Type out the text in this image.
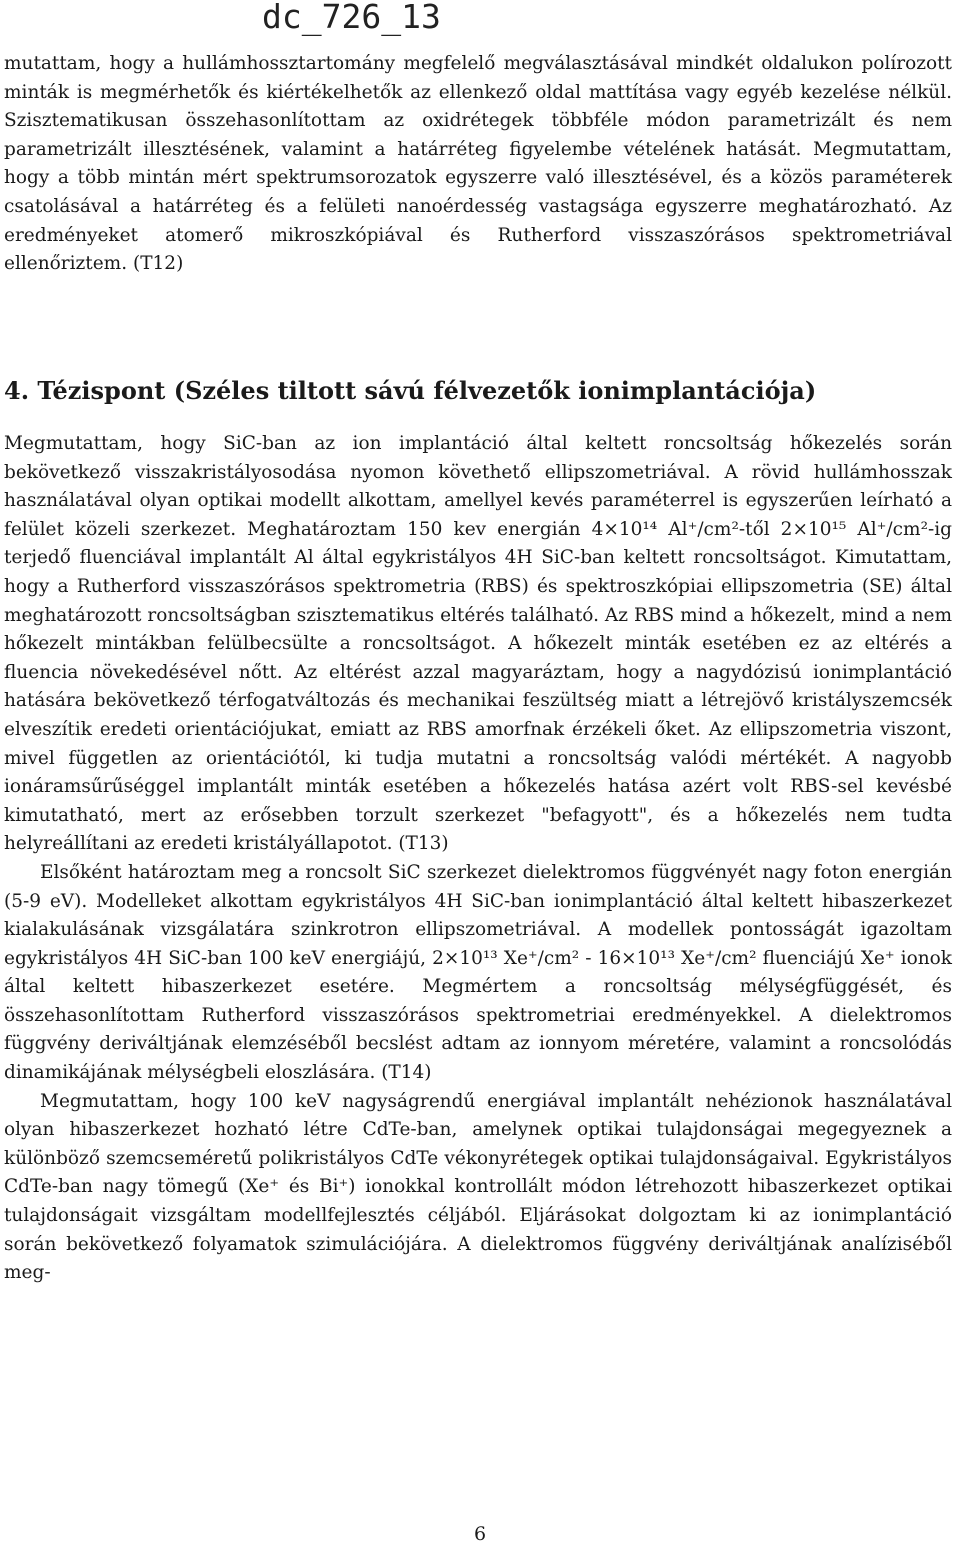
dc_726_13

mutattam, hogy a hullámhossztartomány megfelelő megválasztásával mindkét oldalukon polírozott minták is megmérhetők és kiértékelhetők az ellenkező oldal mattítása vagy egyéb kezelése nélkül. Szisztematikusan összehasonlítottam az oxidrétegek többféle módon parametrizált és nem parametrizált illesztésének, valamint a határréteg figyelembe vételének hatását. Megmutattam, hogy a több mintán mért spektrumsorozatok egyszerre való illesztésével, és a közös paraméterek csatolásával a határréteg és a felületi nanoérdesség vastagsága egyszerre meghatározható. Az eredményeket atomerő mikroszkópiával és Rutherford visszaszórásos spektrometriával ellenőriztem. (T12)

4. Tézispont (Széles tiltott sávú félvezetők ionimplantációja)

Megmutattam, hogy SiC-ban az ion implantáció által keltett roncsoltság hőkezelés során bekövetkező visszakristályosodása nyomon követhető ellipszometriával. A rövid hullámhosszak használatával olyan optikai modellt alkottam, amellyel kevés paraméterrel is egyszerűen leírható a felület közeli szerkezet. Meghatároztam 150 kev energián 4×10¹⁴ Al⁺/cm²-től 2×10¹⁵ Al⁺/cm²-ig terjedő fluenciával implantált Al által egykristályos 4H SiC-ban keltett roncsoltságot. Kimutattam, hogy a Rutherford visszaszórásos spektrometria (RBS) és spektroszkópiai ellipszometria (SE) által meghatározott roncsoltságban szisztematikus eltérés található. Az RBS mind a hőkezelt, mind a nem hőkezelt mintákban felülbecsülte a roncsoltságot. A hőkezelt minták esetében ez az eltérés a fluencia növekedésével nőtt. Az eltérést azzal magyaráztam, hogy a nagydózisú ionimplantáció hatására bekövetkező térfogatváltozás és mechanikai feszültség miatt a létrejövő kristályszemcsék elveszítik eredeti orientációjukat, emiatt az RBS amorfnak érzékeli őket. Az ellipszometria viszont, mivel független az orientációtól, ki tudja mutatni a roncsoltság valódi mértékét. A nagyobb ionáramsűrűséggel implantált minták esetében a hőkezelés hatása azért volt RBS-sel kevésbé kimutatható, mert az erősebben torzult szerkezet "befagyott", és a hőkezelés nem tudta helyreállítani az eredeti kristályállapotot. (T13)

Elsőként határoztam meg a roncsolt SiC szerkezet dielektromos függvényét nagy foton energián (5-9 eV). Modelleket alkottam egykristályos 4H SiC-ban ionimplantáció által keltett hibaszerkezet kialakulásának vizsgálatára szinkrotron ellipszometriával. A modellek pontosságát igazoltam egykristályos 4H SiC-ban 100 keV energiájú, 2×10¹³ Xe⁺/cm² - 16×10¹³ Xe⁺/cm² fluenciájú Xe⁺ ionok által keltett hibaszerkezet esetére. Megmértem a roncsoltság mélységfüggését, és összehasonlítottam Rutherford visszaszórásos spektrometriai eredményekkel. A dielektromos függvény deriváltjának elemzéséből becslést adtam az ionnyom méretére, valamint a roncsolódás dinamikájának mélységbeli eloszlására. (T14)

Megmutattam, hogy 100 keV nagyságrendű energiával implantált nehézionok használatával olyan hibaszerkezet hozható létre CdTe-ban, amelynek optikai tulajdonságai megegyeznek a különböző szemcseméretű polikristályos CdTe vékonyrétegek optikai tulajdonságaival. Egykristályos CdTe-ban nagy tömegű (Xe⁺ és Bi⁺) ionokkal kontrollált módon létrehozott hibaszerkezet optikai tulajdonságait vizsgáltam modellfejlesztés céljából. Eljárásokat dolgoztam ki az ionimplantáció során bekövetkező folyamatok szimulációjára. A dielektromos függvény deriváltjának analíziséből meg-

6
